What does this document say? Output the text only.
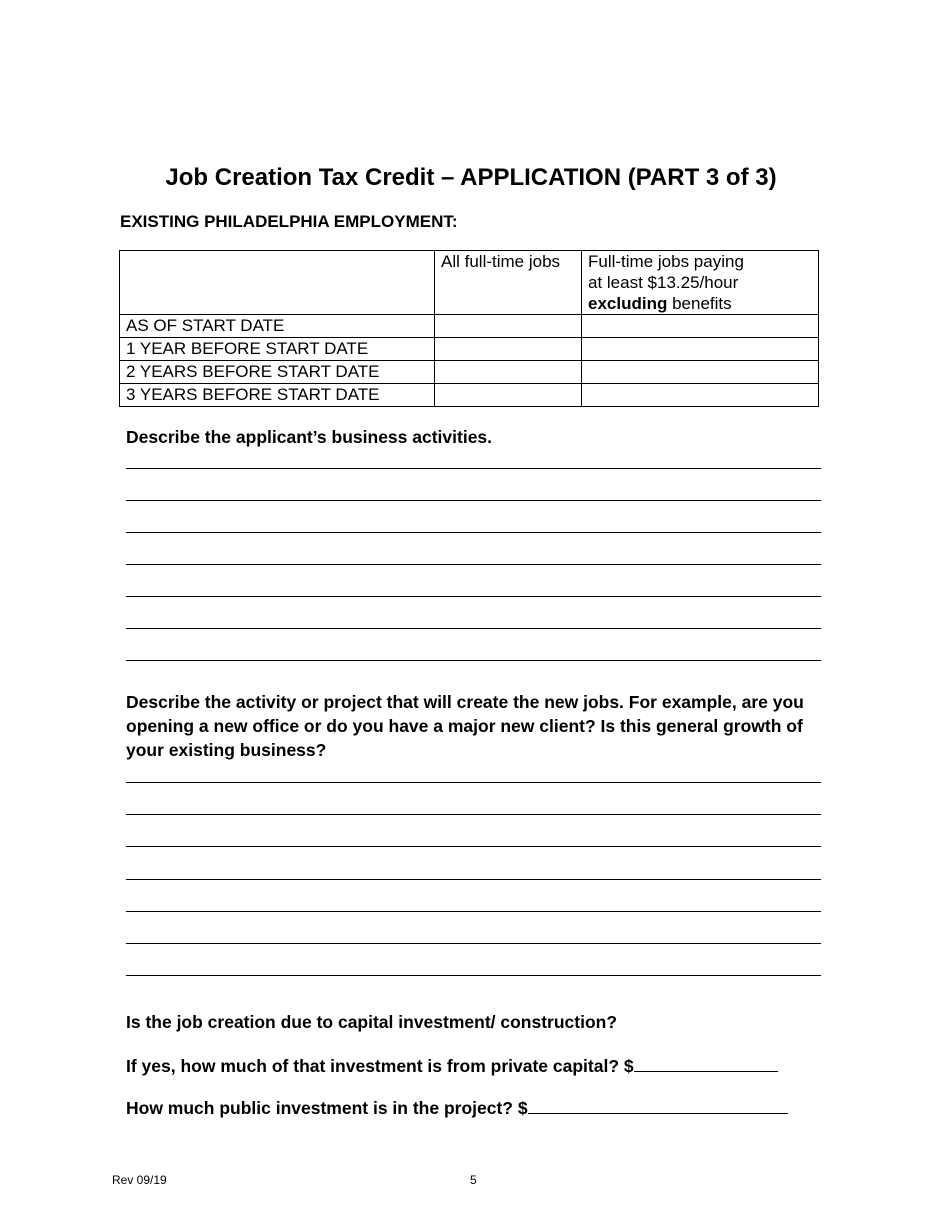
Job Creation Tax Credit – APPLICATION (PART 3 of 3)
EXISTING PHILADELPHIA EMPLOYMENT:
	All full-time jobs	Full-time jobs paying
at least $13.25/hour
excluding benefits

AS OF START DATE		
1 YEAR BEFORE START DATE		
2 YEARS BEFORE START DATE		
3 YEARS BEFORE START DATE		

Describe the applicant’s business activities.

Describe the activity or project that will create the new jobs. For example, are you opening a new office or do you have a major new client? Is this general growth of your existing business?

Is the job creation due to capital investment/ construction?

If yes, how much of that investment is from private capital? $

How much public investment is in the project? $

Rev 09/19	5
